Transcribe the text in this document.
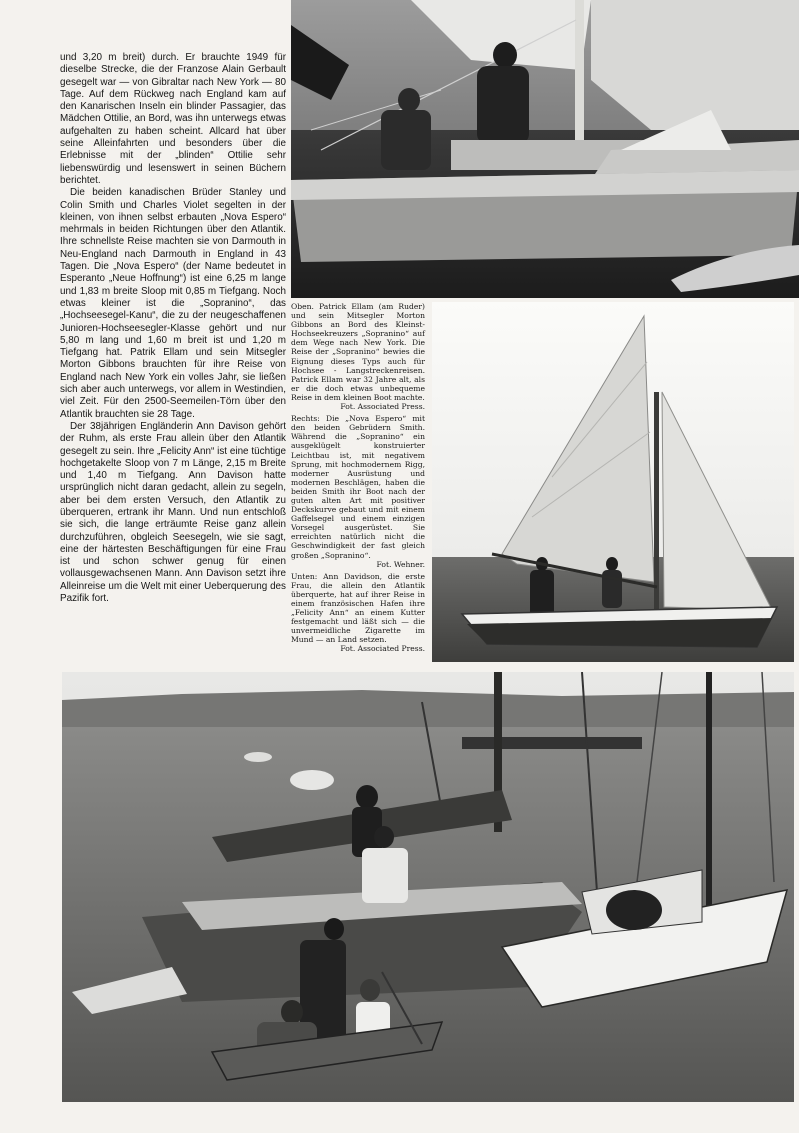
und 3,20 m breit) durch. Er brauchte 1949 für dieselbe Strecke, die der Franzose Alain Gerbault gesegelt war — von Gibraltar nach New York — 80 Tage. Auf dem Rückweg nach England kam auf den Kanarischen Inseln ein blinder Passagier, das Mädchen Ottilie, an Bord, was ihn unterwegs etwas aufgehalten zu haben scheint. Allcard hat über seine Alleinfahrten und besonders über die Erlebnisse mit der „blinden“ Ottilie sehr liebenswürdig und lesenswert in seinen Büchern berichtet.

Die beiden kanadischen Brüder Stanley und Colin Smith und Charles Violet segelten in der kleinen, von ihnen selbst erbauten „Nova Espero“ mehrmals in beiden Richtungen über den Atlantik. Ihre schnellste Reise machten sie von Darmouth in Neu-England nach Darmouth in England in 43 Tagen. Die „Nova Espero“ (der Name bedeutet in Esperanto „Neue Hoffnung“) ist eine 6,25 m lange und 1,83 m breite Sloop mit 0,85 m Tiefgang. Noch etwas kleiner ist die „Sopranino“, das „Hochseesegel-Kanu“, die zu der neugeschaffenen Junioren-Hochseesegler-Klasse gehört und nur 5,80 m lang und 1,60 m breit ist und 1,20 m Tiefgang hat. Patrik Ellam und sein Mitsegler Morton Gibbons brauchten für ihre Reise von England nach New York ein volles Jahr, sie ließen sich aber auch unterwegs, vor allem in Westindien, viel Zeit. Für den 2500-Seemeilen-Törn über den Atlantik brauchten sie 28 Tage.

Der 38jährigen Engländerin Ann Davison gehört der Ruhm, als erste Frau allein über den Atlantik gesegelt zu sein. Ihre „Felicity Ann“ ist eine tüchtige hochgetakelte Sloop von 7 m Länge, 2,15 m Breite und 1,40 m Tiefgang. Ann Davison hatte ursprünglich nicht daran gedacht, allein zu segeln, aber bei dem ersten Versuch, den Atlantik zu überqueren, ertrank ihr Mann. Und nun entschloß sie sich, die lange erträumte Reise ganz allein durchzuführen, obgleich Seesegeln, wie sie sagt, eine der härtesten Beschäftigungen für eine Frau ist und schon schwer genug für einen vollausgewachsenen Mann. Ann Davison setzt ihre Alleinreise um die Welt mit einer Ueberquerung des Pazifik fort.

Oben. Patrick Ellam (am Ruder) und sein Mitsegler Morton Gibbons an Bord des Kleinst-Hochseekreuzers „Sopranino“ auf dem Wege nach New York. Die Reise der „Sopranino“ bewies die Eignung dieses Typs auch für Hochsee - Langstreckenreisen. Patrick Ellam war 32 Jahre alt, als er die doch etwas unbequeme Reise in dem kleinen Boot machte.

Fot. Associated Press.

Rechts: Die „Nova Espero“ mit den beiden Gebrüdern Smith. Während die „Sopranino“ ein ausgeklügelt konstruierter Leichtbau ist, mit negativem Sprung, mit hochmodernem Rigg, moderner Ausrüstung und modernen Beschlägen, haben die beiden Smith ihr Boot nach der guten alten Art mit positiver Deckskurve gebaut und mit einem Gaffelsegel und einem einzigen Vorsegel ausgerüstet. Sie erreichten natürlich nicht die Geschwindigkeit der fast gleich großen „Sopranino“.

Fot. Wehner.

Unten: Ann Davidson, die erste Frau, die allein den Atlantik überquerte, hat auf ihrer Reise in einem französischen Hafen ihre „Felicity Ann“ an einem Kutter festgemacht und läßt sich — die unvermeidliche Zigarette im Mund — an Land setzen.

Fot. Associated Press.
